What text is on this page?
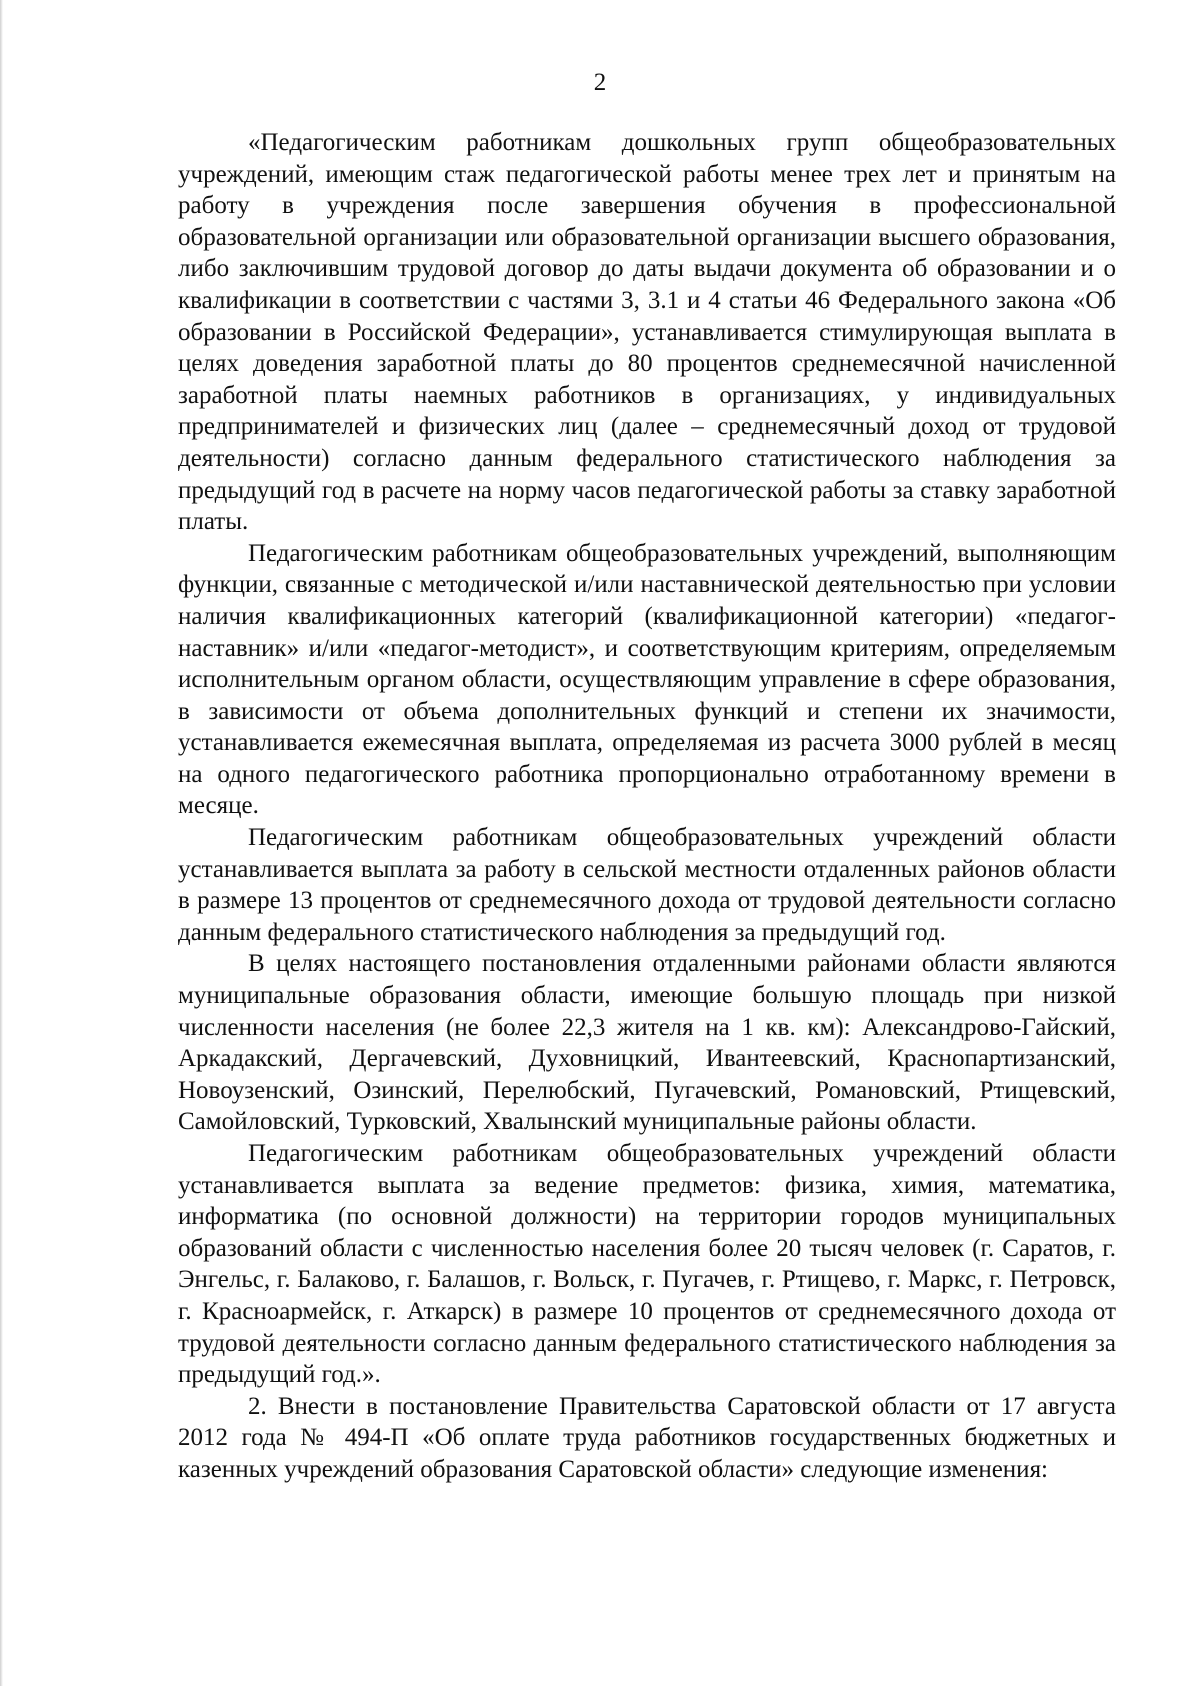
2

«Педагогическим работникам дошкольных групп общеобразовательных учреждений, имеющим стаж педагогической работы менее трех лет и принятым на работу в учреждения после завершения обучения в профессиональной образовательной организации или образовательной организации высшего образования, либо заключившим трудовой договор до даты выдачи документа об образовании и о квалификации в соответствии с частями 3, 3.1 и 4 статьи 46 Федерального закона «Об образовании в Российской Федерации», устанавливается стимулирующая выплата в целях доведения заработной платы до 80 процентов среднемесячной начисленной заработной платы наемных работников в организациях, у индивидуальных предпринимателей и физических лиц (далее – среднемесячный доход от трудовой деятельности) согласно данным федерального статистического наблюдения за предыдущий год в расчете на норму часов педагогической работы за ставку заработной платы.

Педагогическим работникам общеобразовательных учреждений, выполняющим функции, связанные с методической и/или наставнической деятельностью при условии наличия квалификационных категорий (квалификационной категории) «педагог-наставник» и/или «педагог-методист», и соответствующим критериям, определяемым исполнительным органом области, осуществляющим управление в сфере образования, в зависимости от объема дополнительных функций и степени их значимости, устанавливается ежемесячная выплата, определяемая из расчета 3000 рублей в месяц на одного педагогического работника пропорционально отработанному времени в месяце.

Педагогическим работникам общеобразовательных учреждений области устанавливается выплата за работу в сельской местности отдаленных районов области в размере 13 процентов от среднемесячного дохода от трудовой деятельности согласно данным федерального статистического наблюдения за предыдущий год.

В целях настоящего постановления отдаленными районами области являются муниципальные образования области, имеющие большую площадь при низкой численности населения (не более 22,3 жителя на 1 кв. км): Александрово-Гайский, Аркадакский, Дергачевский, Духовницкий, Ивантеевский, Краснопартизанский, Новоузенский, Озинский, Перелюбский, Пугачевский, Романовский, Ртищевский, Самойловский, Турковский, Хвалынский муниципальные районы области.

Педагогическим работникам общеобразовательных учреждений области устанавливается выплата за ведение предметов: физика, химия, математика, информатика (по основной должности) на территории городов муниципальных образований области с численностью населения более 20 тысяч человек (г. Саратов, г. Энгельс, г. Балаково, г. Балашов, г. Вольск, г. Пугачев, г. Ртищево, г. Маркс, г. Петровск, г. Красноармейск, г. Аткарск) в размере 10 процентов от среднемесячного дохода от трудовой деятельности согласно данным федерального статистического наблюдения за предыдущий год.».

2. Внести в постановление Правительства Саратовской области от 17 августа 2012 года № 494-П «Об оплате труда работников государственных бюджетных и казенных учреждений образования Саратовской области» следующие изменения:
